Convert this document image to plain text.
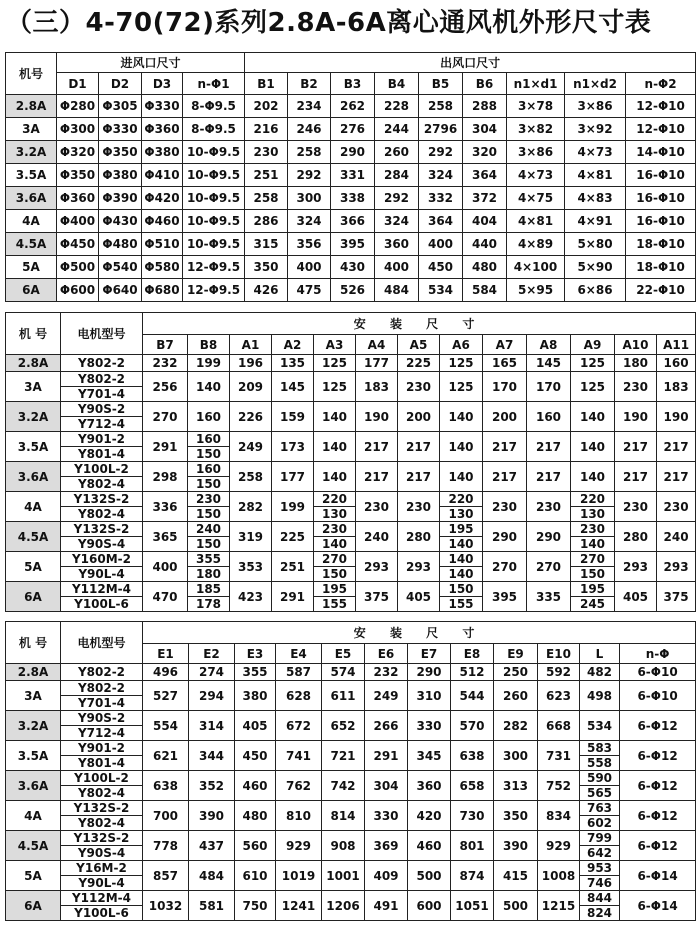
（三）4-70(72)系列2.8A-6A离心通风机外形尺寸表
机号	进风口尺寸				出风口尺寸								
	D1	D2	D3	n-Φ1	B1	B2	B3	B4	B5	B6	n1×d1	n1×d2	n-Φ2
2.8A	Φ280	Φ305	Φ330	8-Φ9.5	202	234	262	228	258	288	3×78	3×86	12-Φ10
3A	Φ300	Φ330	Φ360	8-Φ9.5	216	246	276	244	2796	304	3×82	3×92	12-Φ10
3.2A	Φ320	Φ350	Φ380	10-Φ9.5	230	258	290	260	292	320	3×86	4×73	14-Φ10
3.5A	Φ350	Φ380	Φ410	10-Φ9.5	251	292	331	284	324	364	4×73	4×81	16-Φ10
3.6A	Φ360	Φ390	Φ420	10-Φ9.5	258	300	338	292	332	372	4×75	4×83	16-Φ10
4A	Φ400	Φ430	Φ460	10-Φ9.5	286	324	366	324	364	404	4×81	4×91	16-Φ10
4.5A	Φ450	Φ480	Φ510	10-Φ9.5	315	356	395	360	400	440	4×89	5×80	18-Φ10
5A	Φ500	Φ540	Φ580	12-Φ9.5	350	400	430	400	450	480	4×100	5×90	18-Φ10
6A	Φ600	Φ640	Φ680	12-Φ9.5	426	475	526	484	534	584	5×95	6×86	22-Φ10
机 号	电机型号	安 装 尺 寸												
		B7	B8	A1	A2	A3	A4	A5	A6	A7	A8	A9	A10	A11
2.8A	Y802-2	232	199	196	135	125	177	225	125	165	145	125	180	160

3A	Y802-2	256	140	209	145	125	183	230	125	170	170	125	230	183
	Y701-4													
3.2A	Y90S-2	270	160	226	159	140	190	200	140	200	160	140	190	190
	Y712-4													
3.5A	Y901-2	291	160	249	173	140	217	217	140	217	217	140	217	217
	Y801-4		150											
3.6A	Y100L-2	298	160	258	177	140	217	217	140	217	217	140	217	217
	Y802-4		150											
4A	Y132S-2	336	230	282	199	220	230	230	220	230	230	220	230	230
	Y802-4		150			130			130			130		
4.5A	Y132S-2	365	240	319	225	230	240	280	195	290	290	230	280	240
	Y90S-4		150			140			140			140		
5A	Y160M-2	400	355	353	251	270	293	293	140	270	270	270	293	293
	Y90L-4		180			150			140			150		
6A	Y112M-4	470	185	423	291	195	375	405	150	395	335	195	405	375
	Y100L-6		178			155			155			245		
机 号	电机型号	安 装 尺 寸											
		E1	E2	E3	E4	E5	E6	E7	E8	E9	E10	L	n-Φ
2.8A	Y802-2	496	274	355	587	574	232	290	512	250	592	482	6-Φ10

3A	Y802-2	527	294	380	628	611	249	310	544	260	623	498	6-Φ10
	Y701-4												
3.2A	Y90S-2	554	314	405	672	652	266	330	570	282	668	534	6-Φ12
	Y712-4												
3.5A	Y901-2	621	344	450	741	721	291	345	638	300	731	583	6-Φ12
	Y801-4											558	
3.6A	Y100L-2	638	352	460	762	742	304	360	658	313	752	590	6-Φ12
	Y802-4											565	
4A	Y132S-2	700	390	480	810	814	330	420	730	350	834	763	6-Φ12
	Y802-4											602	
4.5A	Y132S-2	778	437	560	929	908	369	460	801	390	929	799	6-Φ12
	Y90S-4											642	
5A	Y16M-2	857	484	610	1019	1001	409	500	874	415	1008	953	6-Φ14
	Y90L-4											746	
6A	Y112M-4	1032	581	750	1241	1206	491	600	1051	500	1215	844	6-Φ14
	Y100L-6											824	
